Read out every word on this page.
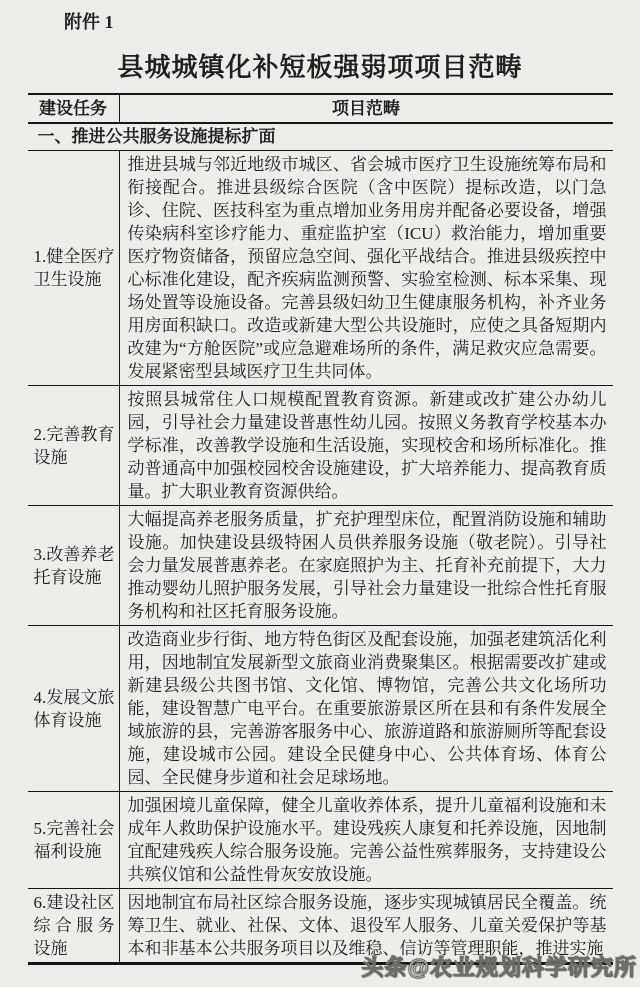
附件 1
县城城镇化补短板强弱项项目范畴
建设任务	项目范畴
一、推进公共服务设施提标扩面
1.健全医疗卫生设施
推进县城与邻近地级市城区、省会城市医疗卫生设施统筹布局和衔接配合。推进县级综合医院（含中医院）提标改造，以门急诊、住院、医技科室为重点增加业务用房并配备必要设备，增强传染病科室诊疗能力、重症监护室（ICU）救治能力，增加重要医疗物资储备，预留应急空间、强化平战结合。推进县级疾控中心标准化建设，配齐疾病监测预警、实验室检测、标本采集、现场处置等设施设备。完善县级妇幼卫生健康服务机构，补齐业务用房面积缺口。改造或新建大型公共设施时，应使之具备短期内改建为“方舱医院”或应急避难场所的条件，满足救灾应急需要。发展紧密型县域医疗卫生共同体。
2.完善教育设施
按照县城常住人口规模配置教育资源。新建或改扩建公办幼儿园，引导社会力量建设普惠性幼儿园。按照义务教育学校基本办学标准，改善教学设施和生活设施，实现校舍和场所标准化。推动普通高中加强校园校舍设施建设，扩大培养能力、提高教育质量。扩大职业教育资源供给。
3.改善养老托育设施
大幅提高养老服务质量，扩充护理型床位，配置消防设施和辅助设施。加快建设县级特困人员供养服务设施（敬老院）。引导社会力量发展普惠养老。在家庭照护为主、托育补充前提下，大力推动婴幼儿照护服务发展，引导社会力量建设一批综合性托育服务机构和社区托育服务设施。
4.发展文旅体育设施
改造商业步行街、地方特色街区及配套设施，加强老建筑活化利用，因地制宜发展新型文旅商业消费聚集区。根据需要改扩建或新建县级公共图书馆、文化馆、博物馆，完善公共文化场所功能，建设智慧广电平台。在重要旅游景区所在县和有条件发展全域旅游的县，完善游客服务中心、旅游道路和旅游厕所等配套设施，建设城市公园。建设全民健身中心、公共体育场、体育公园、全民健身步道和社会足球场地。
5.完善社会福利设施
加强困境儿童保障，健全儿童收养体系，提升儿童福利设施和未成年人救助保护设施水平。建设残疾人康复和托养设施，因地制宜配建残疾人综合服务设施。完善公益性殡葬服务，支持建设公共殡仪馆和公益性骨灰安放设施。
6.建设社区综合服务设施
因地制宜布局社区综合服务设施，逐步实现城镇居民全覆盖。统筹卫生、就业、社保、文体、退役军人服务、儿童关爱保护等基本和非基本公共服务项目以及维稳、信访等管理职能，推进实施
头条@农业规划科学研究所
